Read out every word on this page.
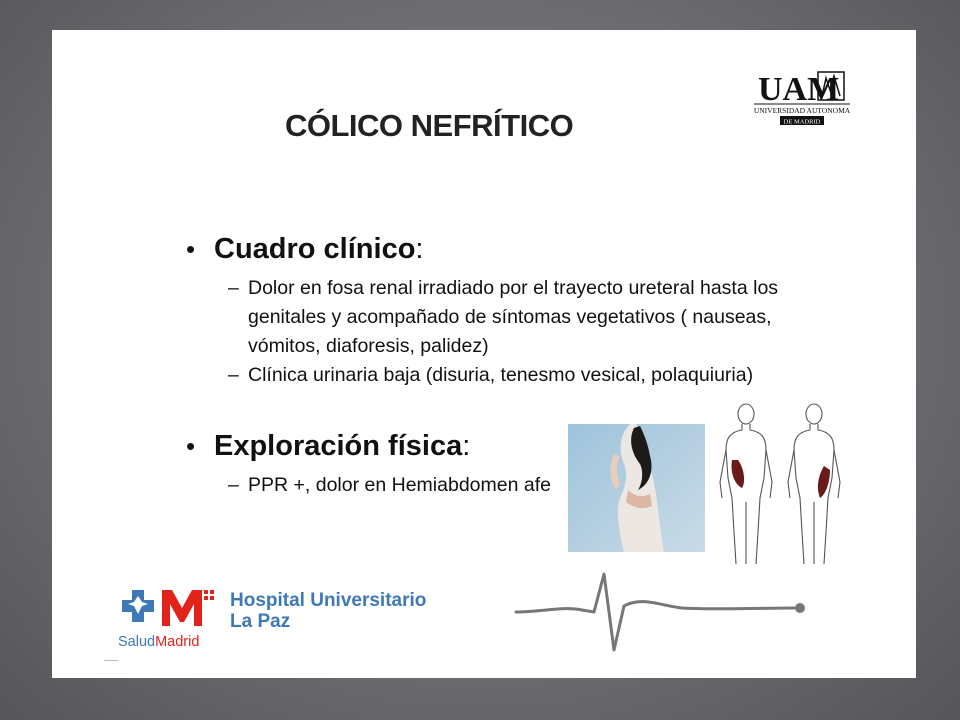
CÓLICO NEFRÍTICO
UAM
UNIVERSIDAD AUTONOMA
DE MADRID
• Cuadro clínico:
– Dolor en fosa renal irradiado por el trayecto ureteral hasta los
genitales y acompañado de síntomas vegetativos ( nauseas,
vómitos, diaforesis, palidez)
– Clínica urinaria baja (disuria, tenesmo vesical, polaquiuria)
• Exploración física:
– PPR +, dolor en Hemiabdomen afe
Hospital Universitario
La Paz
SaludMadrid
